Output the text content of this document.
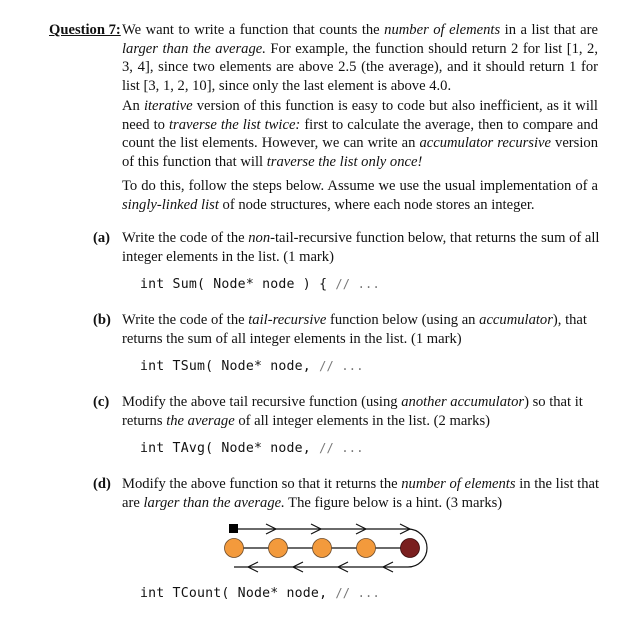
Question 7: We want to write a function that counts the number of elements in a list that are larger than the average. For example, the function should return 2 for list [1, 2, 3, 4], since two elements are above 2.5 (the average), and it should return 1 for list [3, 1, 2, 10], since only the last element is above 4.0.

An iterative version of this function is easy to code but also inefficient, as it will need to traverse the list twice: first to calculate the average, then to compare and count the list elements. However, we can write an accumulator recursive version of this function that will traverse the list only once!

To do this, follow the steps below. Assume we use the usual implementation of a singly-linked list of node structures, where each node stores an integer.

(a) Write the code of the non-tail-recursive function below, that returns the sum of all integer elements in the list. (1 mark)
int Sum( Node* node ) { // ...
(b) Write the code of the tail-recursive function below (using an accumulator), that returns the sum of all integer elements in the list. (1 mark)
int TSum( Node* node, // ...
(c) Modify the above tail recursive function (using another accumulator) so that it returns the average of all integer elements in the list. (2 marks)
int TAvg( Node* node, // ...
(d) Modify the above function so that it returns the number of elements in the list that are larger than the average. The figure below is a hint. (3 marks)
int TCount( Node* node, // ...
